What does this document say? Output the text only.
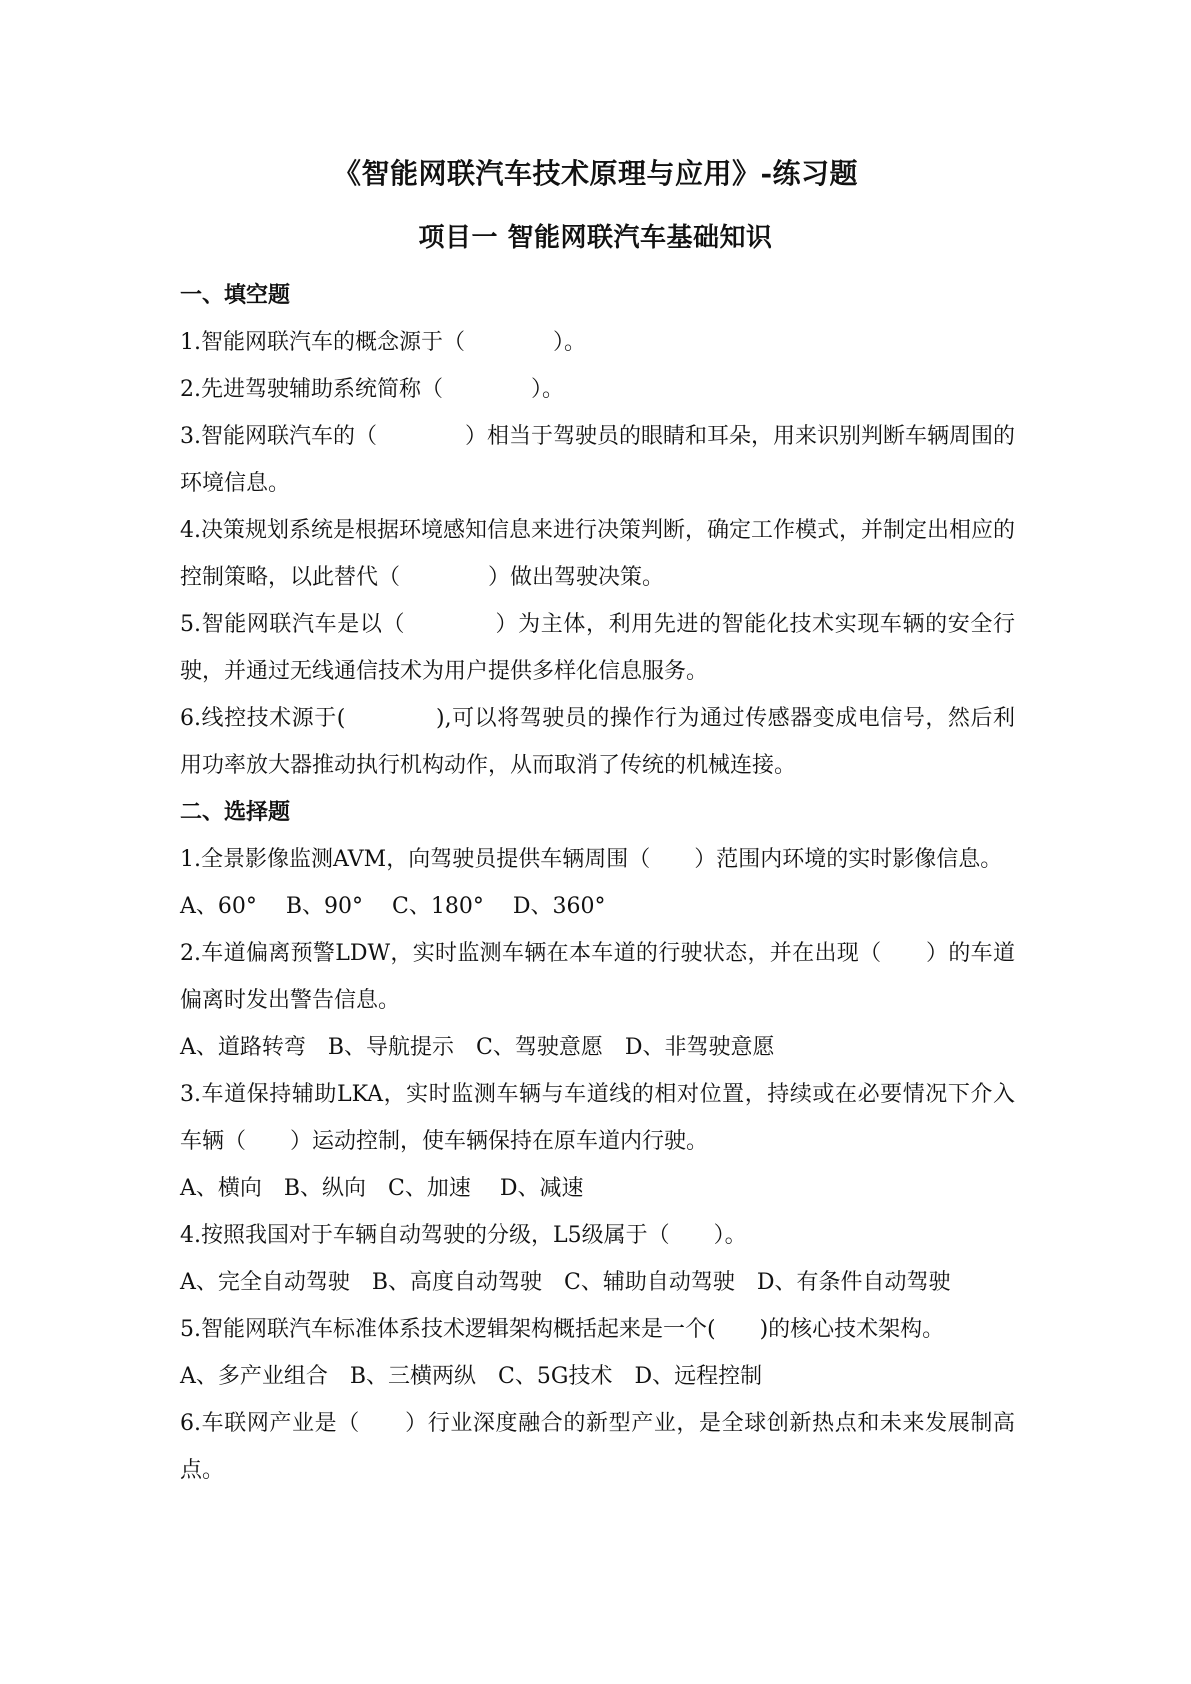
《智能网联汽车技术原理与应用》-练习题
项目一 智能网联汽车基础知识

一、填空题

1.智能网联汽车的概念源于（　　　　）。

2.先进驾驶辅助系统简称（　　　　）。

3.智能网联汽车的（　　　　）相当于驾驶员的眼睛和耳朵，用来识别判断车辆周围的环境信息。

4.决策规划系统是根据环境感知信息来进行决策判断，确定工作模式，并制定出相应的控制策略，以此替代（　　　　）做出驾驶决策。

5.智能网联汽车是以（　　　　）为主体，利用先进的智能化技术实现车辆的安全行驶，并通过无线通信技术为用户提供多样化信息服务。

6.线控技术源于(　　　　),可以将驾驶员的操作行为通过传感器变成电信号，然后利用功率放大器推动执行机构动作，从而取消了传统的机械连接。

二、选择题

1.全景影像监测AVM，向驾驶员提供车辆周围（　　）范围内环境的实时影像信息。

A、60°　 B、90°　 C、180°　 D、360°

2.车道偏离预警LDW，实时监测车辆在本车道的行驶状态，并在出现（　　）的车道偏离时发出警告信息。

A、道路转弯　B、导航提示　C、驾驶意愿　D、非驾驶意愿

3.车道保持辅助LKA，实时监测车辆与车道线的相对位置，持续或在必要情况下介入车辆（　　）运动控制，使车辆保持在原车道内行驶。

A、横向　B、纵向　C、加速　 D、减速

4.按照我国对于车辆自动驾驶的分级，L5级属于（　　）。

A、完全自动驾驶　B、高度自动驾驶　C、辅助自动驾驶　D、有条件自动驾驶

5.智能网联汽车标准体系技术逻辑架构概括起来是一个(　　)的核心技术架构。

A、多产业组合　B、三横两纵　C、5G技术　D、远程控制

6.车联网产业是（　　）行业深度融合的新型产业，是全球创新热点和未来发展制高点。
